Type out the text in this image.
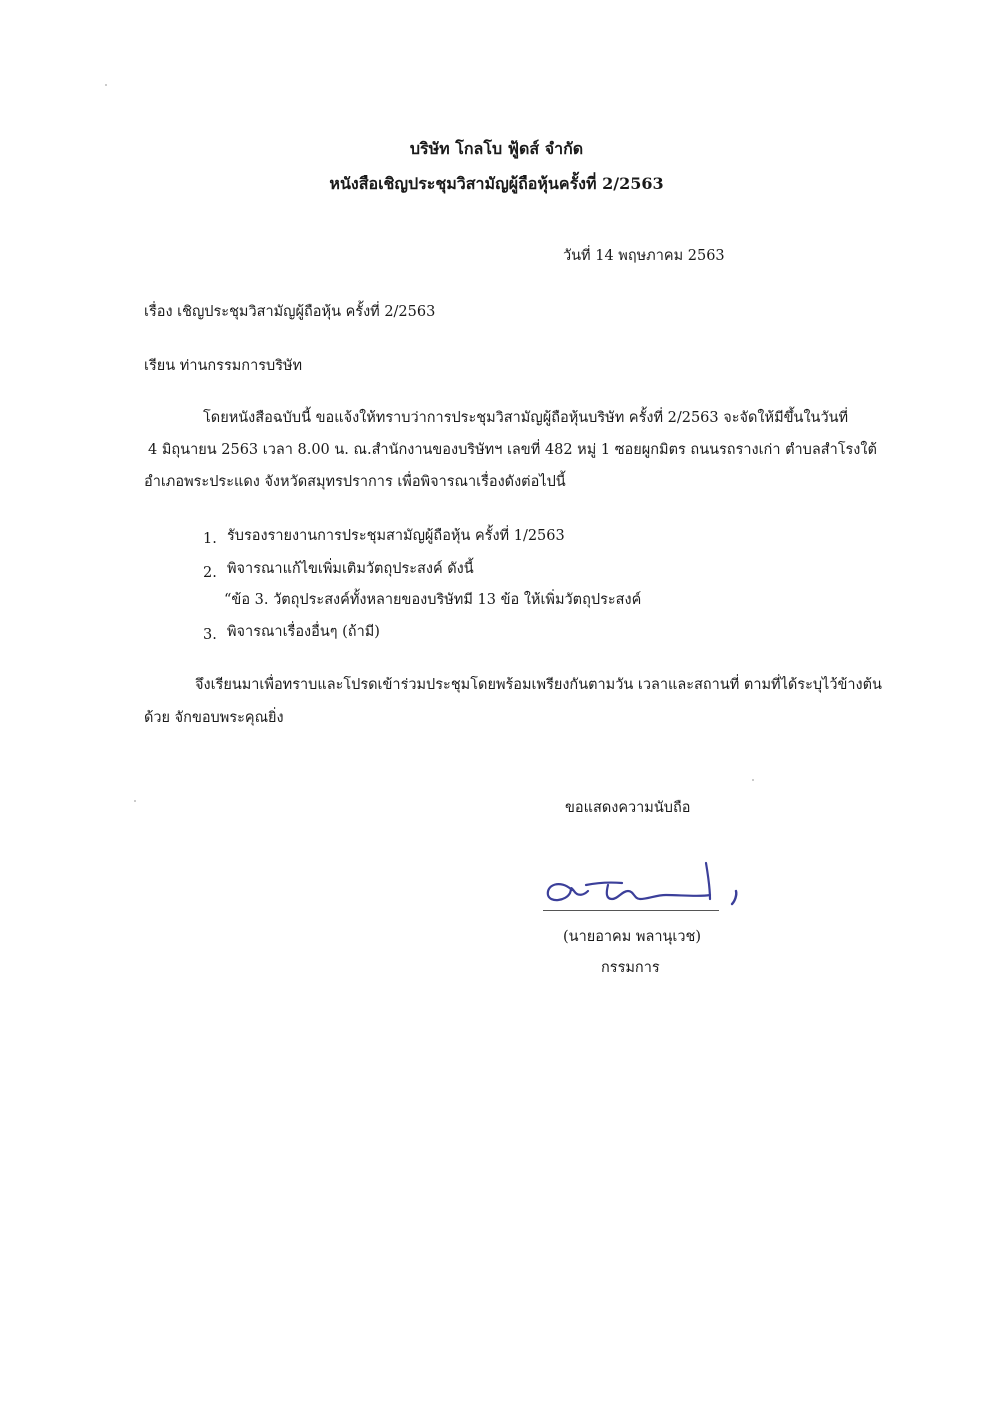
บริษัท โกลโบ ฟู้ดส์ จำกัด
หนังสือเชิญประชุมวิสามัญผู้ถือหุ้นครั้งที่ 2/2563
วันที่ 14 พฤษภาคม 2563
เรื่อง เชิญประชุมวิสามัญผู้ถือหุ้น ครั้งที่ 2/2563
เรียน ท่านกรรมการบริษัท
โดยหนังสือฉบับนี้ ขอแจ้งให้ทราบว่าการประชุมวิสามัญผู้ถือหุ้นบริษัท ครั้งที่ 2/2563 จะจัดให้มีขึ้นในวันที่
4 มิถุนายน 2563 เวลา 8.00 น. ณ.สำนักงานของบริษัทฯ เลขที่ 482 หมู่ 1 ซอยผูกมิตร ถนนรถรางเก่า ตำบลสำโรงใต้
อำเภอพระประแดง จังหวัดสมุทรปราการ เพื่อพิจารณาเรื่องดังต่อไปนี้
1. รับรองรายงานการประชุมสามัญผู้ถือหุ้น ครั้งที่ 1/2563
2. พิจารณาแก้ไขเพิ่มเติมวัตถุประสงค์ ดังนี้
“ข้อ 3. วัตถุประสงค์ทั้งหลายของบริษัทมี 13 ข้อ ให้เพิ่มวัตถุประสงค์
3. พิจารณาเรื่องอื่นๆ (ถ้ามี)
จึงเรียนมาเพื่อทราบและโปรดเข้าร่วมประชุมโดยพร้อมเพรียงกันตามวัน เวลาและสถานที่ ตามที่ได้ระบุไว้ข้างต้น
ด้วย จักขอบพระคุณยิ่ง
ขอแสดงความนับถือ
(นายอาคม พลานุเวช)
กรรมการ
